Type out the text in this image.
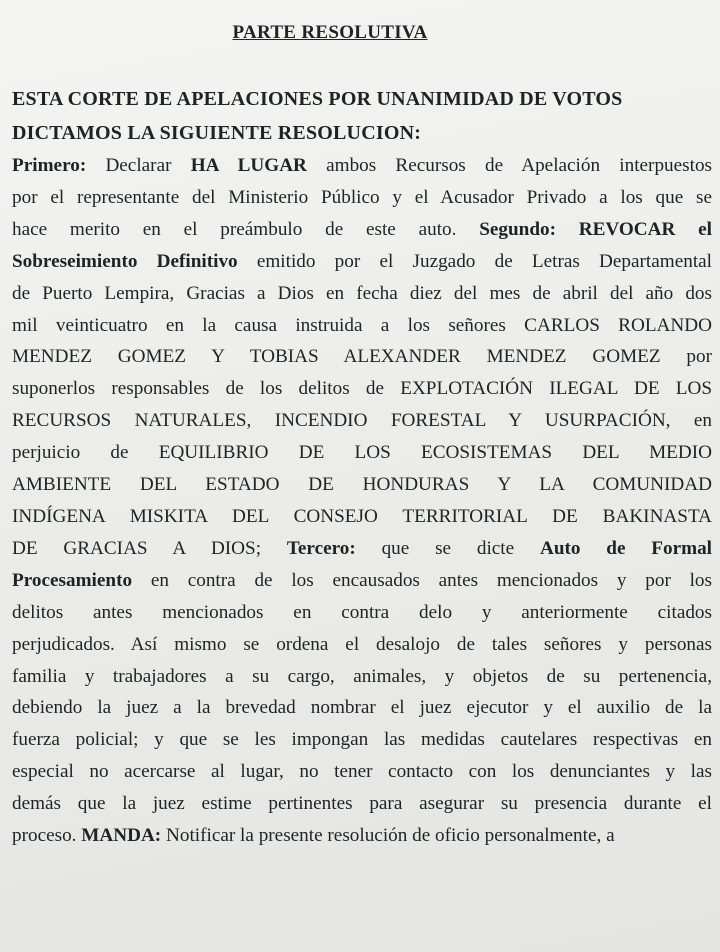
PARTE RESOLUTIVA
ESTA CORTE DE APELACIONES POR UNANIMIDAD DE VOTOS
DICTAMOS LA SIGUIENTE RESOLUCION:
Primero: Declarar HA LUGAR ambos Recursos de Apelación interpuestos
por el representante del Ministerio Público y el Acusador Privado a los que se
hace merito en el preámbulo de este auto. Segundo: REVOCAR el
Sobreseimiento Definitivo emitido por el Juzgado de Letras Departamental
de Puerto Lempira, Gracias a Dios en fecha diez del mes de abril del año dos
mil veinticuatro en la causa instruida a los señores CARLOS ROLANDO
MENDEZ GOMEZ Y TOBIAS ALEXANDER MENDEZ GOMEZ por
suponerlos responsables de los delitos de EXPLOTACIÓN ILEGAL DE LOS
RECURSOS NATURALES, INCENDIO FORESTAL Y USURPACIÓN, en
perjuicio de EQUILIBRIO DE LOS ECOSISTEMAS DEL MEDIO
AMBIENTE DEL ESTADO DE HONDURAS Y LA COMUNIDAD
INDÍGENA MISKITA DEL CONSEJO TERRITORIAL DE BAKINASTA
DE GRACIAS A DIOS; Tercero: que se dicte Auto de Formal
Procesamiento en contra de los encausados antes mencionados y por los
delitos antes mencionados en contra delo y anteriormente citados
perjudicados. Así mismo se ordena el desalojo de tales señores y personas
familia y trabajadores a su cargo, animales, y objetos de su pertenencia,
debiendo la juez a la brevedad nombrar el juez ejecutor y el auxilio de la
fuerza policial; y que se les impongan las medidas cautelares respectivas en
especial no acercarse al lugar, no tener contacto con los denunciantes y las
demás que la juez estime pertinentes para asegurar su presencia durante el
proceso. MANDA: Notificar la presente resolución de oficio personalmente, a
